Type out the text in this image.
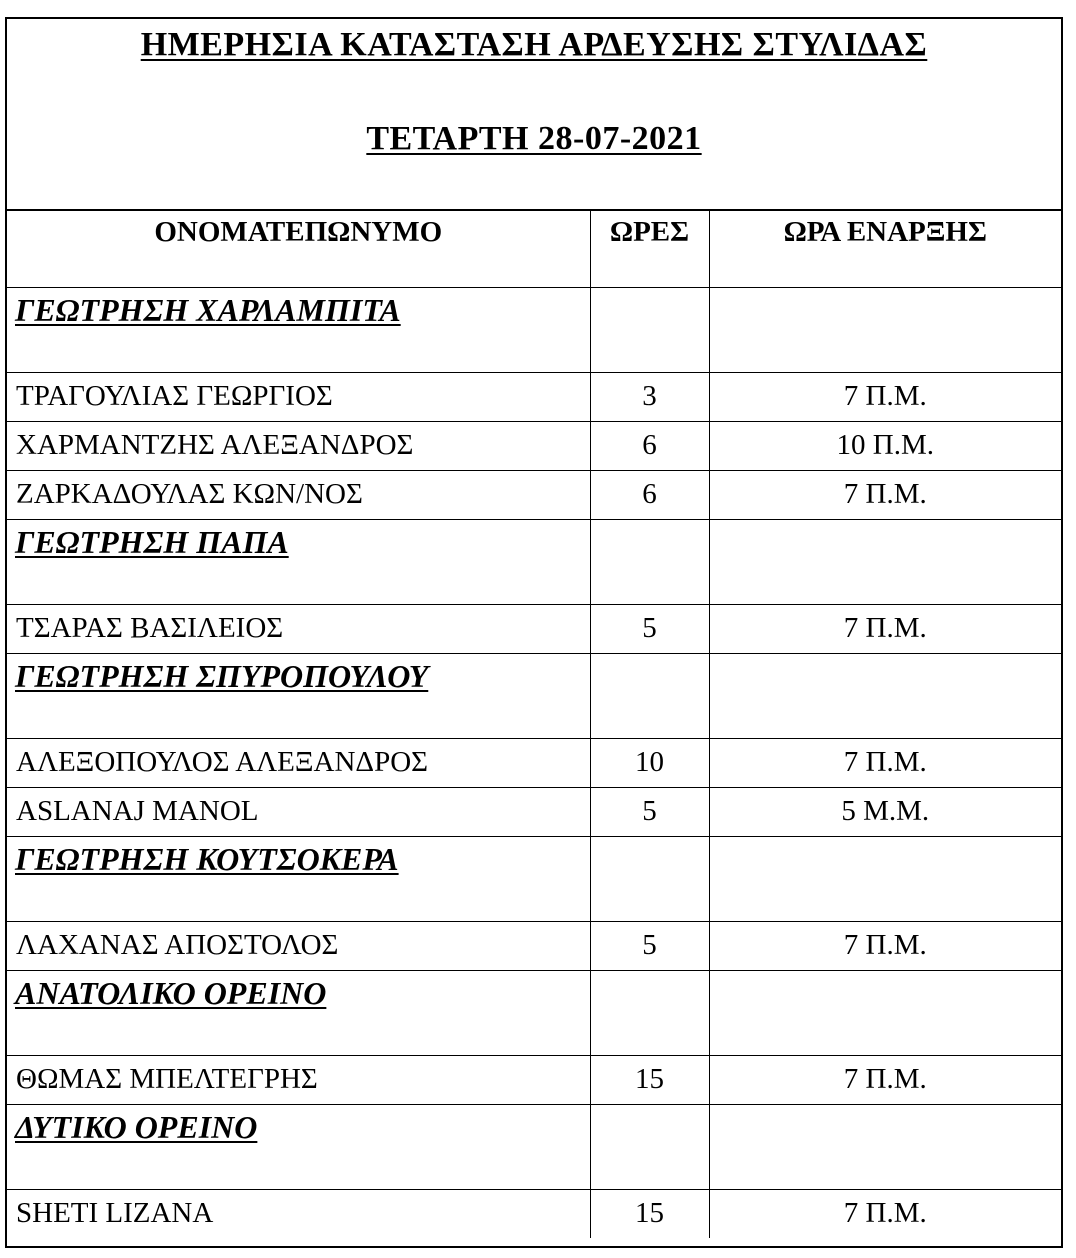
ΗΜΕΡΗΣΙΑ ΚΑΤΑΣΤΑΣΗ ΑΡΔΕΥΣΗΣ ΣΤΥΛΙΔΑΣ
ΤΕΤΑΡΤΗ 28-07-2021
ΟΝΟΜΑΤΕΠΩΝΥΜΟ	ΩΡΕΣ	ΩΡΑ ΕΝΑΡΞΗΣ
ΓΕΩΤΡΗΣΗ ΧΑΡΛΑΜΠΙΤΑ		
ΤΡΑΓΟΥΛΙΑΣ ΓΕΩΡΓΙΟΣ	3	7 Π.Μ.
ΧΑΡΜΑΝΤΖΗΣ ΑΛΕΞΑΝΔΡΟΣ	6	10 Π.Μ.
ΖΑΡΚΑΔΟΥΛΑΣ ΚΩΝ/ΝΟΣ	6	7 Π.Μ.
ΓΕΩΤΡΗΣΗ ΠΑΠΑ		
ΤΣΑΡΑΣ ΒΑΣΙΛΕΙΟΣ	5	7 Π.Μ.
ΓΕΩΤΡΗΣΗ ΣΠΥΡΟΠΟΥΛΟΥ		
ΑΛΕΞΟΠΟΥΛΟΣ ΑΛΕΞΑΝΔΡΟΣ	10	7 Π.Μ.
ASLANAJ MANOL	5	5 Μ.Μ.
ΓΕΩΤΡΗΣΗ ΚΟΥΤΣΟΚΕΡΑ		
ΛΑΧΑΝΑΣ ΑΠΟΣΤΟΛΟΣ	5	7 Π.Μ.
ΑΝΑΤΟΛΙΚΟ ΟΡΕΙΝΟ		
ΘΩΜΑΣ ΜΠΕΛΤΕΓΡΗΣ	15	7 Π.Μ.
ΔΥΤΙΚΟ ΟΡΕΙΝΟ		
SHETI LIZANA	15	7 Π.Μ.
